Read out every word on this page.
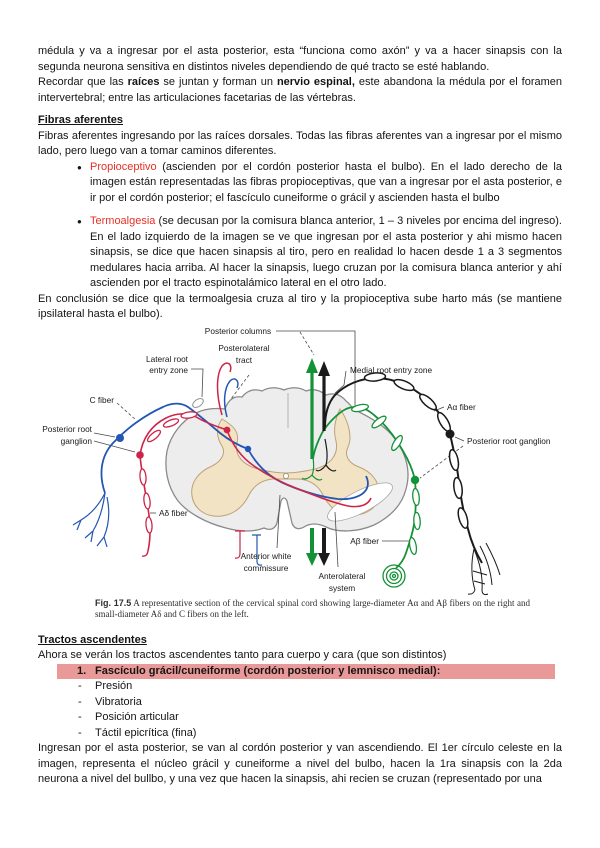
médula y va a ingresar por el asta posterior, esta “funciona como axón” y va a hacer sinapsis con la segunda neurona sensitiva en distintos niveles dependiendo de qué tracto se esté hablando.

Recordar que las raíces se juntan y forman un nervio espinal, este abandona la médula por el foramen intervertebral; entre las articulaciones facetarias de las vértebras.

Fibras aferentes

Fibras aferentes ingresando por las raíces dorsales. Todas las fibras aferentes van a ingresar por el mismo lado, pero luego van a tomar caminos diferentes.

● Propioceptivo (ascienden por el cordón posterior hasta el bulbo). En el lado derecho de la imagen están representadas las fibras propioceptivas, que van a ingresar por el asta posterior, e ir por el cordón posterior; el fascículo cuneiforme o grácil y ascienden hasta el bulbo
● Termoalgesia (se decusan por la comisura blanca anterior, 1 – 3 niveles por encima del ingreso). En el lado izquierdo de la imagen se ve que ingresan por el asta posterior y ahi mismo hacen sinapsis, se dice que hacen sinapsis al tiro, pero en realidad lo hacen desde 1 a 3 segmentos medulares hacia arriba. Al hacer la sinapsis, luego cruzan por la comisura blanca anterior y ahí ascienden por el tracto espinotalámico lateral en el otro lado.

En conclusión se dice que la termoalgesia cruza al tiro y la propioceptiva sube harto más (se mantiene ipsilateral hasta el bulbo).

Posterior columns
Lateral root
entry zone
Posterolateral
tract
Medial root entry zone
C fiber
Posterior root
ganglion
Aα fiber
Posterior root ganglion
Aδ fiber
Anterior white
commissure
Anterolateral
system
Aβ fiber
Fig. 17.5 A representative section of the cervical spinal cord showing large-diameter Aα and Aβ fibers on the right and small-diameter Aδ and C fibers on the left.

Tractos ascendentes

Ahora se verán los tractos ascendentes tanto para cuerpo y cara (que son distintos)

1. Fascículo grácil/cuneiforme (cordón posterior y lemnisco medial):
- Presión
- Vibratoria
- Posición articular
- Táctil epicrítica (fina)

Ingresan por el asta posterior, se van al cordón posterior y van ascendiendo. El 1er círculo celeste en la imagen, representa el núcleo grácil y cuneiforme a nivel del bulbo, hacen la 1ra sinapsis con la 2da neurona a nivel del bullbo, y una vez que hacen la sinapsis, ahi recien se cruzan (representado por una
